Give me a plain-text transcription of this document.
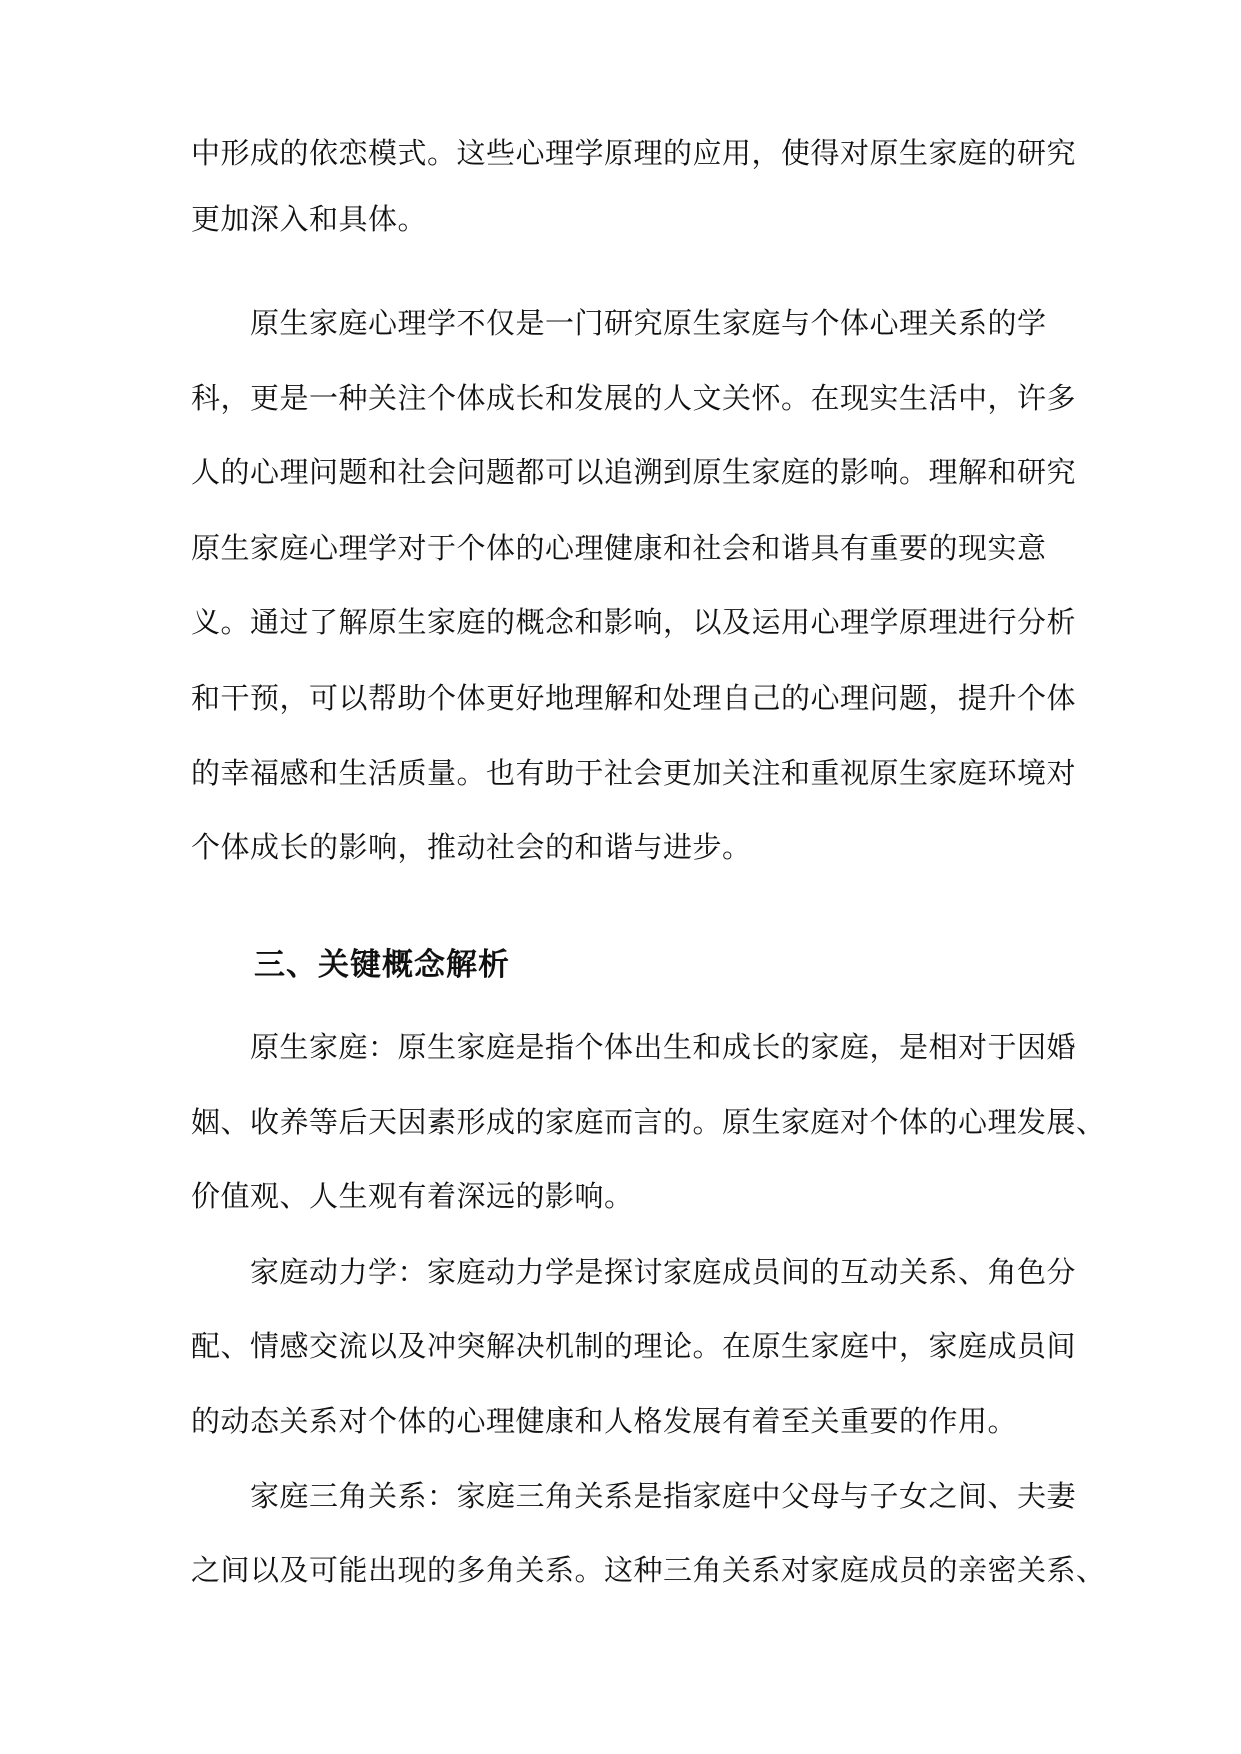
中形成的依恋模式。这些心理学原理的应用，使得对原生家庭的研究
更加深入和具体。
　　原生家庭心理学不仅是一门研究原生家庭与个体心理关系的学
科，更是一种关注个体成长和发展的人文关怀。在现实生活中，许多
人的心理问题和社会问题都可以追溯到原生家庭的影响。理解和研究
原生家庭心理学对于个体的心理健康和社会和谐具有重要的现实意
义。通过了解原生家庭的概念和影响，以及运用心理学原理进行分析
和干预，可以帮助个体更好地理解和处理自己的心理问题，提升个体
的幸福感和生活质量。也有助于社会更加关注和重视原生家庭环境对
个体成长的影响，推动社会的和谐与进步。
三、关键概念解析
　　原生家庭：原生家庭是指个体出生和成长的家庭，是相对于因婚
姻、收养等后天因素形成的家庭而言的。原生家庭对个体的心理发展、
价值观、人生观有着深远的影响。
　　家庭动力学：家庭动力学是探讨家庭成员间的互动关系、角色分
配、情感交流以及冲突解决机制的理论。在原生家庭中，家庭成员间
的动态关系对个体的心理健康和人格发展有着至关重要的作用。
　　家庭三角关系：家庭三角关系是指家庭中父母与子女之间、夫妻
之间以及可能出现的多角关系。这种三角关系对家庭成员的亲密关系、
